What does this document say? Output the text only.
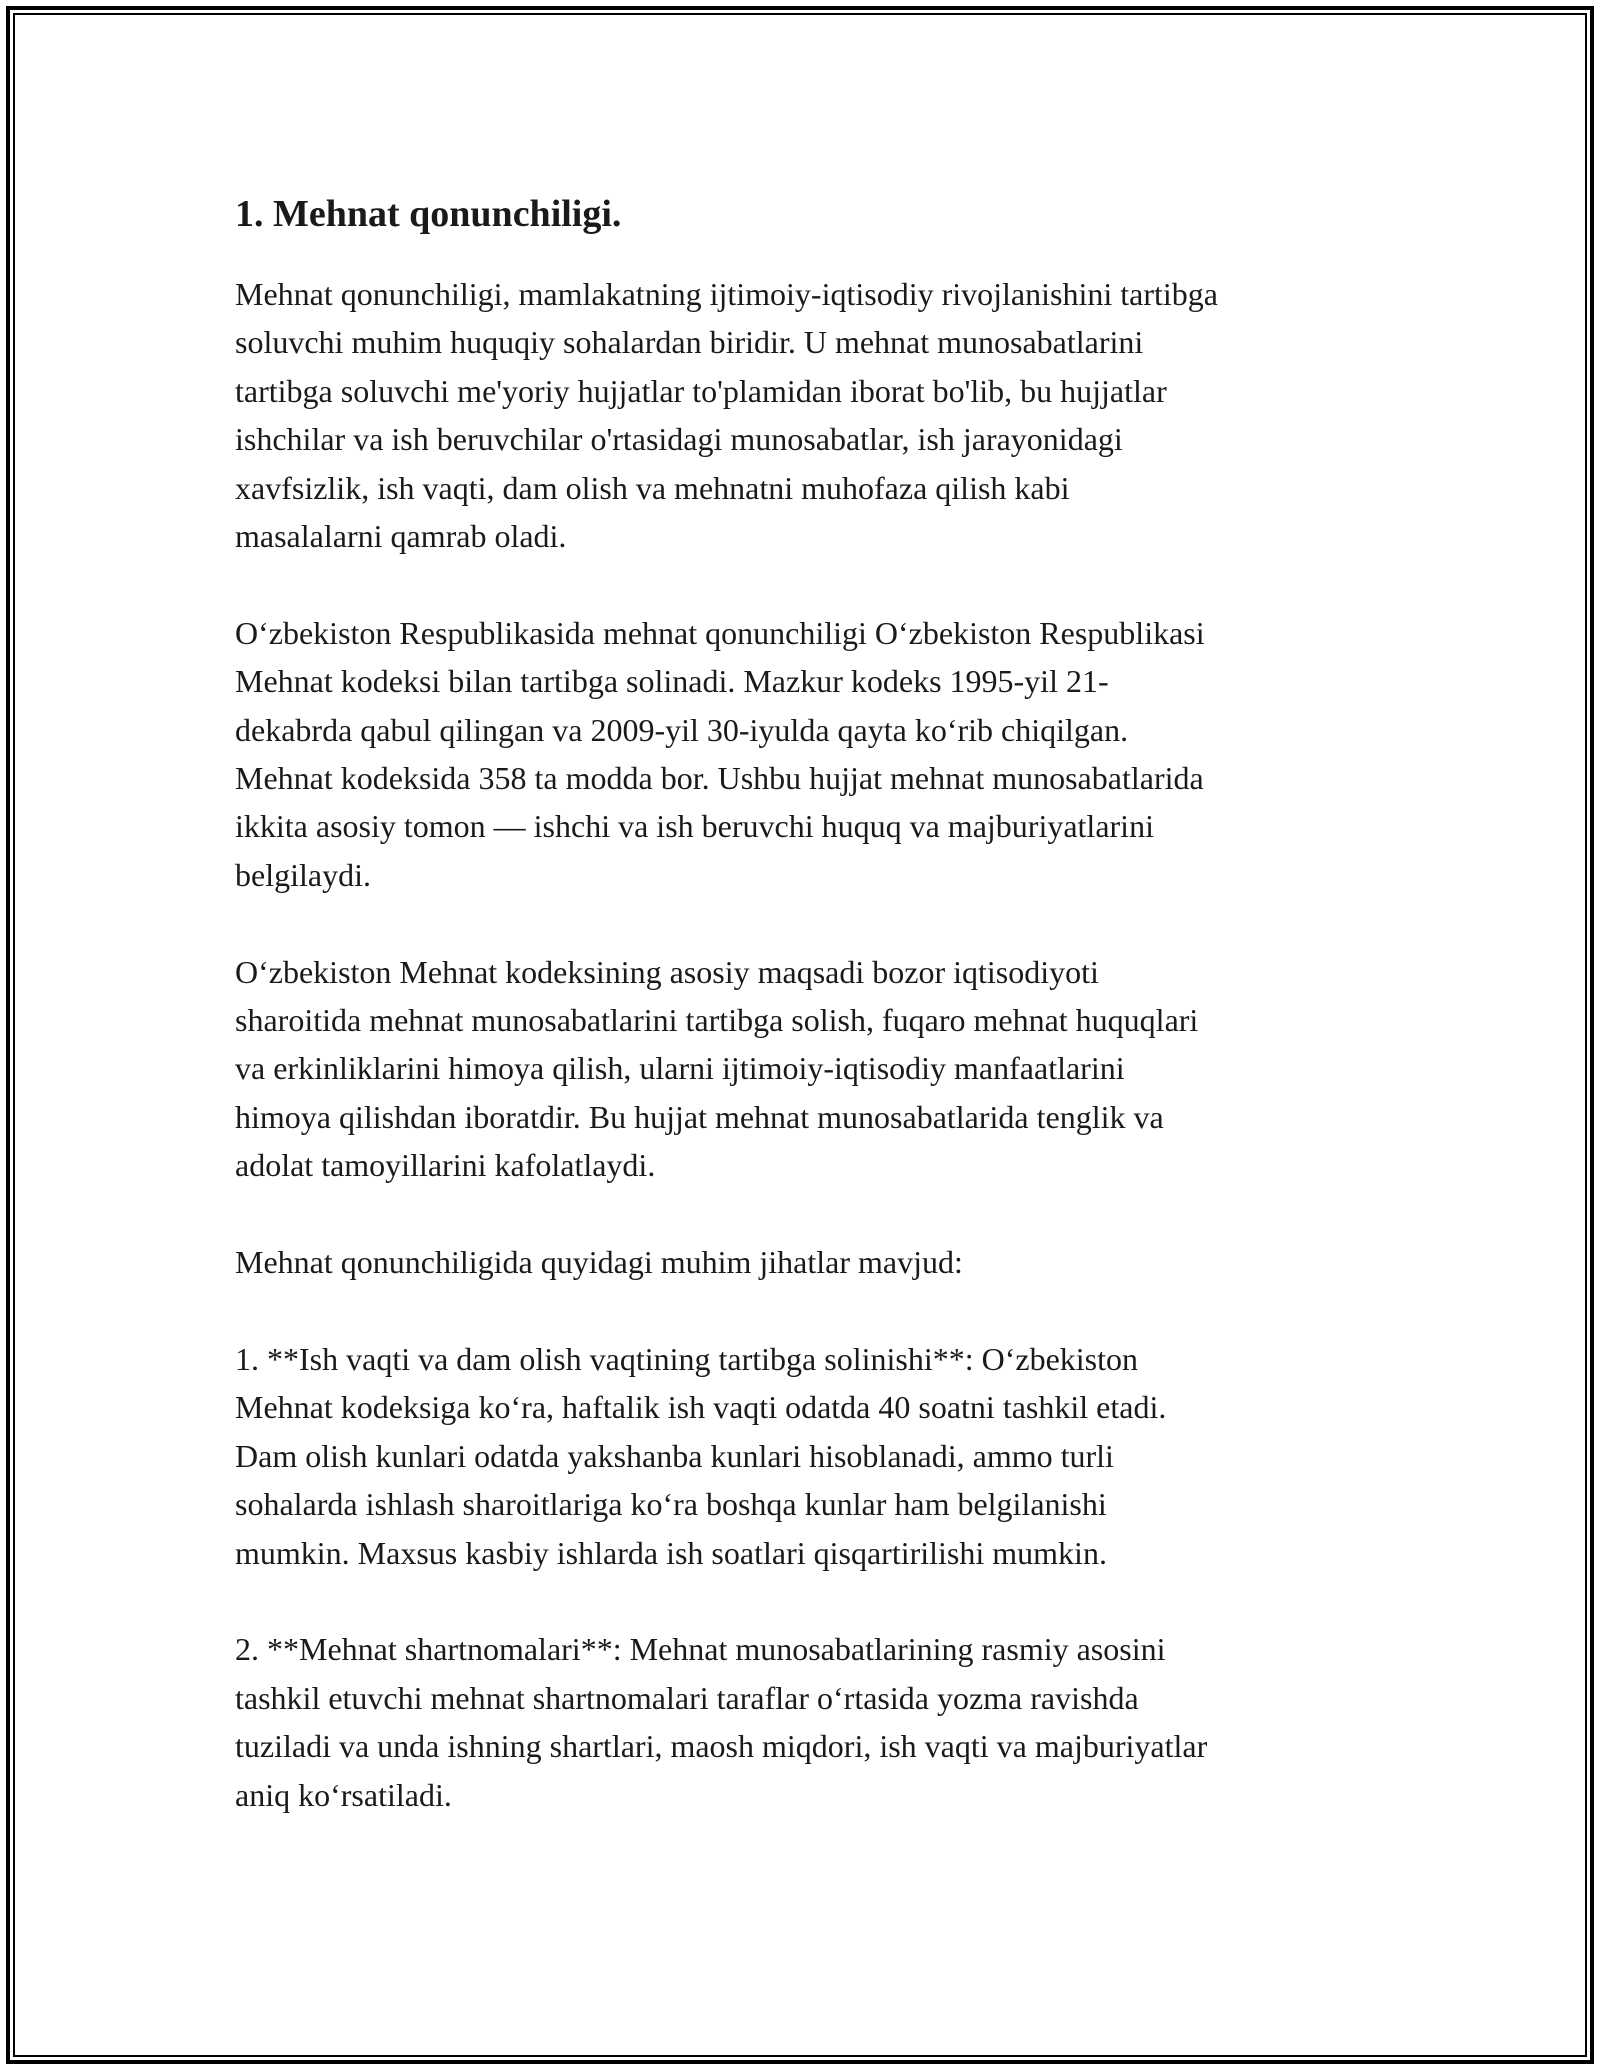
1. Mehnat qonunchiligi.

Mehnat qonunchiligi, mamlakatning ijtimoiy-iqtisodiy rivojlanishini tartibga
soluvchi muhim huquqiy sohalardan biridir. U mehnat munosabatlarini
tartibga soluvchi me'yoriy hujjatlar to'plamidan iborat bo'lib, bu hujjatlar
ishchilar va ish beruvchilar o'rtasidagi munosabatlar, ish jarayonidagi
xavfsizlik, ish vaqti, dam olish va mehnatni muhofaza qilish kabi
masalalarni qamrab oladi.

O‘zbekiston Respublikasida mehnat qonunchiligi O‘zbekiston Respublikasi
Mehnat kodeksi bilan tartibga solinadi. Mazkur kodeks 1995-yil 21-
dekabrda qabul qilingan va 2009-yil 30-iyulda qayta ko‘rib chiqilgan.
Mehnat kodeksida 358 ta modda bor. Ushbu hujjat mehnat munosabatlarida
ikkita asosiy tomon — ishchi va ish beruvchi huquq va majburiyatlarini
belgilaydi.

O‘zbekiston Mehnat kodeksining asosiy maqsadi bozor iqtisodiyoti
sharoitida mehnat munosabatlarini tartibga solish, fuqaro mehnat huquqlari
va erkinliklarini himoya qilish, ularni ijtimoiy-iqtisodiy manfaatlarini
himoya qilishdan iboratdir. Bu hujjat mehnat munosabatlarida tenglik va
adolat tamoyillarini kafolatlaydi.

Mehnat qonunchiligida quyidagi muhim jihatlar mavjud:

1. **Ish vaqti va dam olish vaqtining tartibga solinishi**: O‘zbekiston
Mehnat kodeksiga ko‘ra, haftalik ish vaqti odatda 40 soatni tashkil etadi.
Dam olish kunlari odatda yakshanba kunlari hisoblanadi, ammo turli
sohalarda ishlash sharoitlariga ko‘ra boshqa kunlar ham belgilanishi
mumkin. Maxsus kasbiy ishlarda ish soatlari qisqartirilishi mumkin.

2. **Mehnat shartnomalari**: Mehnat munosabatlarining rasmiy asosini
tashkil etuvchi mehnat shartnomalari taraflar o‘rtasida yozma ravishda
tuziladi va unda ishning shartlari, maosh miqdori, ish vaqti va majburiyatlar
aniq ko‘rsatiladi.
